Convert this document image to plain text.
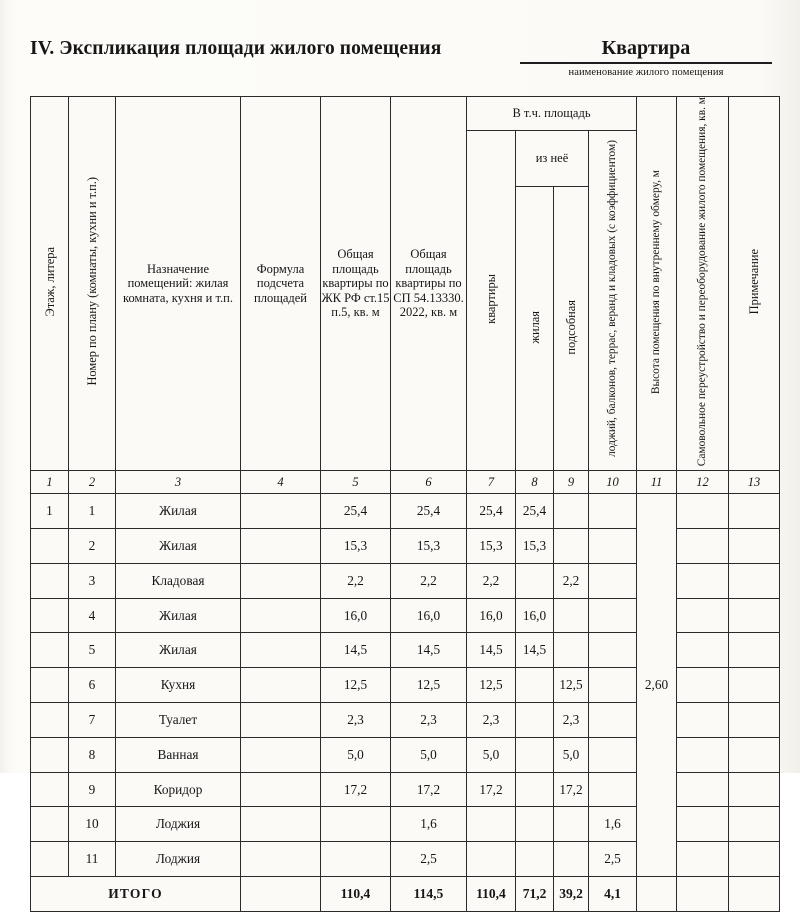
IV. Экспликация площади жилого помещения	Квартира
наименование жилого помещения
Этаж, литера	Номер по плану (комнаты, кухни и т.п.)	Назначение помещений: жилая комната, кухня и т.п.	Формула подсчета площадей	Общая площадь квартиры по ЖК РФ ст.15 п.5, кв. м	Общая площадь квартиры по СП 54.13330. 2022, кв. м	В т.ч. площадь				Высота помещения по внутреннему обмеру, м	Самовольное переустройство и переоборудование жилого помещения, кв. м	Примечание
						квартиры	из неё		лоджий, балконов, террас, веранд и кладовых (с коэффициентом)			
							жилая	подсобная				
1	2	3	4	5	6	7	8	9	10	11	12	13
1	1	Жилая		25,4	25,4	25,4	25,4			2,60		
	2	Жилая		15,3	15,3	15,3	15,3					
	3	Кладовая		2,2	2,2	2,2		2,2				
	4	Жилая		16,0	16,0	16,0	16,0					
	5	Жилая		14,5	14,5	14,5	14,5					
	6	Кухня		12,5	12,5	12,5		12,5				
	7	Туалет		2,3	2,3	2,3		2,3				
	8	Ванная		5,0	5,0	5,0		5,0				
	9	Коридор		17,2	17,2	17,2		17,2				
	10	Лоджия			1,6				1,6			
	11	Лоджия			2,5				2,5			
ИТОГО				110,4	114,5	110,4	71,2	39,2	4,1			
